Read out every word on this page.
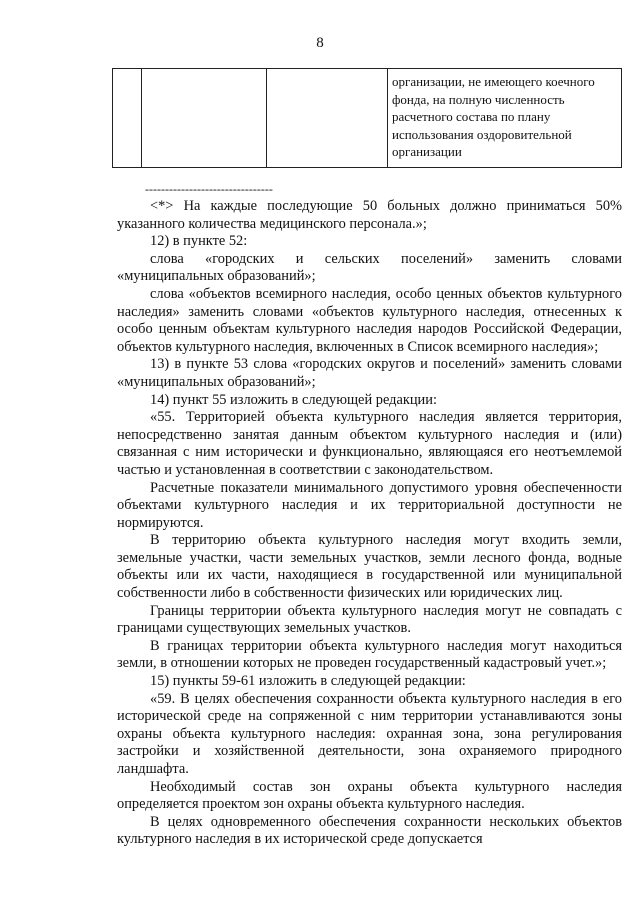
8
			организации, не имеющего коечного фонда, на полную численность расчетного состава по плану использования оздоровительной организации
--------------------------------

<*> На каждые последующие 50 больных должно приниматься 50% указанного количества медицинского персонала.»;

12) в пункте 52:

слова «городских и сельских поселений» заменить словами «муниципальных образований»;

слова «объектов всемирного наследия, особо ценных объектов культурного наследия» заменить словами «объектов культурного наследия, отнесенных к особо ценным объектам культурного наследия народов Российской Федерации, объектов культурного наследия, включенных в Список всемирного наследия»;

13) в пункте 53 слова «городских округов и поселений» заменить словами «муниципальных образований»;

14) пункт 55 изложить в следующей редакции:

«55. Территорией объекта культурного наследия является территория, непосредственно занятая данным объектом культурного наследия и (или) связанная с ним исторически и функционально, являющаяся его неотъемлемой частью и установленная в соответствии с законодательством.

Расчетные показатели минимального допустимого уровня обеспеченности объектами культурного наследия и их территориальной доступности не нормируются.

В территорию объекта культурного наследия могут входить земли, земельные участки, части земельных участков, земли лесного фонда, водные объекты или их части, находящиеся в государственной или муниципальной собственности либо в собственности физических или юридических лиц.

Границы территории объекта культурного наследия могут не совпадать с границами существующих земельных участков.

В границах территории объекта культурного наследия могут находиться земли, в отношении которых не проведен государственный кадастровый учет.»;

15) пункты 59-61 изложить в следующей редакции:

«59. В целях обеспечения сохранности объекта культурного наследия в его исторической среде на сопряженной с ним территории устанавливаются зоны охраны объекта культурного наследия: охранная зона, зона регулирования застройки и хозяйственной деятельности, зона охраняемого природного ландшафта.

Необходимый состав зон охраны объекта культурного наследия определяется проектом зон охраны объекта культурного наследия.

В целях одновременного обеспечения сохранности нескольких объектов культурного наследия в их исторической среде допускается
